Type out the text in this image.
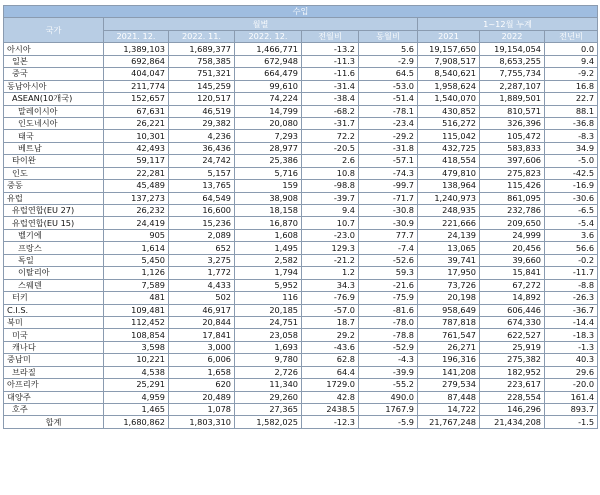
수입								
국가	월별					1~12월 누계		
	2021. 12.	2022. 11.	2022. 12.	전월비	동월비	2021	2022	전년비
아시아	1,389,103	1,689,377	1,466,771	-13.2	5.6	19,157,650	19,154,054	0.0
일본	692,864	758,385	672,948	-11.3	-2.9	7,908,517	8,653,255	9.4
중국	404,047	751,321	664,479	-11.6	64.5	8,540,621	7,755,734	-9.2
동남아시아	211,774	145,259	99,610	-31.4	-53.0	1,958,624	2,287,107	16.8
ASEAN(10개국)	152,657	120,517	74,224	-38.4	-51.4	1,540,070	1,889,501	22.7
말레이시아	67,631	46,519	14,799	-68.2	-78.1	430,852	810,571	88.1
인도네시아	26,221	29,382	20,080	-31.7	-23.4	516,272	326,396	-36.8
태국	10,301	4,236	7,293	72.2	-29.2	115,042	105,472	-8.3
베트남	42,493	36,436	28,977	-20.5	-31.8	432,725	583,833	34.9
타이완	59,117	24,742	25,386	2.6	-57.1	418,554	397,606	-5.0
인도	22,281	5,157	5,716	10.8	-74.3	479,810	275,823	-42.5
중동	45,489	13,765	159	-98.8	-99.7	138,964	115,426	-16.9
유럽	137,273	64,549	38,908	-39.7	-71.7	1,240,973	861,095	-30.6
유럽연합(EU 27)	26,232	16,600	18,158	9.4	-30.8	248,935	232,786	-6.5
유럽연합(EU 15)	24,419	15,236	16,870	10.7	-30.9	221,666	209,650	-5.4
벨기에	905	2,089	1,608	-23.0	77.7	24,139	24,999	3.6
프랑스	1,614	652	1,495	129.3	-7.4	13,065	20,456	56.6
독일	5,450	3,275	2,582	-21.2	-52.6	39,741	39,660	-0.2
이탈리아	1,126	1,772	1,794	1.2	59.3	17,950	15,841	-11.7
스웨덴	7,589	4,433	5,952	34.3	-21.6	73,726	67,272	-8.8
터키	481	502	116	-76.9	-75.9	20,198	14,892	-26.3
C.I.S.	109,481	46,917	20,185	-57.0	-81.6	958,649	606,446	-36.7
북미	112,452	20,844	24,751	18.7	-78.0	787,818	674,330	-14.4
미국	108,854	17,841	23,058	29.2	-78.8	761,547	622,527	-18.3
캐나다	3,598	3,000	1,693	-43.6	-52.9	26,271	25,919	-1.3
중남미	10,221	6,006	9,780	62.8	-4.3	196,316	275,382	40.3
브라질	4,538	1,658	2,726	64.4	-39.9	141,208	182,952	29.6
아프리카	25,291	620	11,340	1729.0	-55.2	279,534	223,617	-20.0
대양주	4,959	20,489	29,260	42.8	490.0	87,448	228,554	161.4
호주	1,465	1,078	27,365	2438.5	1767.9	14,722	146,296	893.7
합계	1,680,862	1,803,310	1,582,025	-12.3	-5.9	21,767,248	21,434,208	-1.5
